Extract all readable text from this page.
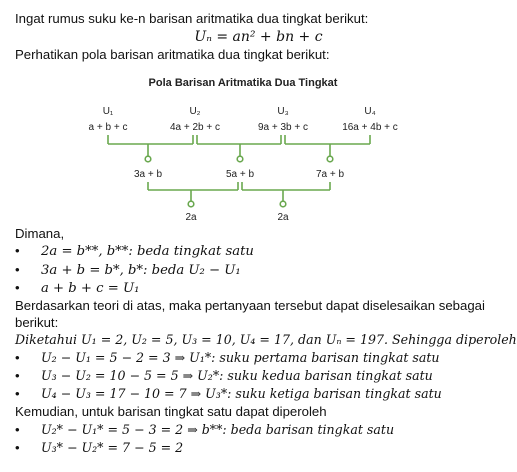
Ingat rumus suku ke-n barisan aritmatika dua tingkat berikut:
Uₙ = an² + bn + c
Perhatikan pola barisan aritmatika dua tingkat berikut:
Pola Barisan Aritmatika Dua Tingkat
U₁	U₂	U₃	U₄
a + b + c	4a + 2b + c	9a + 3b + c	16a + 4b + c
3a + b	5a + b	7a + b
2a	2a
Dimana,
• 2a = b**, b**: beda tingkat satu
• 3a + b = b*, b*: beda U₂ − U₁
• a + b + c = U₁
Berdasarkan teori di atas, maka pertanyaan tersebut dapat diselesaikan sebagai
berikut:
Diketahui U₁ = 2, U₂ = 5, U₃ = 10, U₄ = 17, dan Uₙ = 197. Sehingga diperoleh
• U₂ − U₁ = 5 − 2 = 3 ⇒ U₁*: suku pertama barisan tingkat satu
• U₃ − U₂ = 10 − 5 = 5 ⇒ U₂*: suku kedua barisan tingkat satu
• U₄ − U₃ = 17 − 10 = 7 ⇒ U₃*: suku ketiga barisan tingkat satu
Kemudian, untuk barisan tingkat satu dapat diperoleh
• U₂* − U₁* = 5 − 3 = 2 ⇒ b**: beda barisan tingkat satu
• U₃* − U₂* = 7 − 5 = 2
